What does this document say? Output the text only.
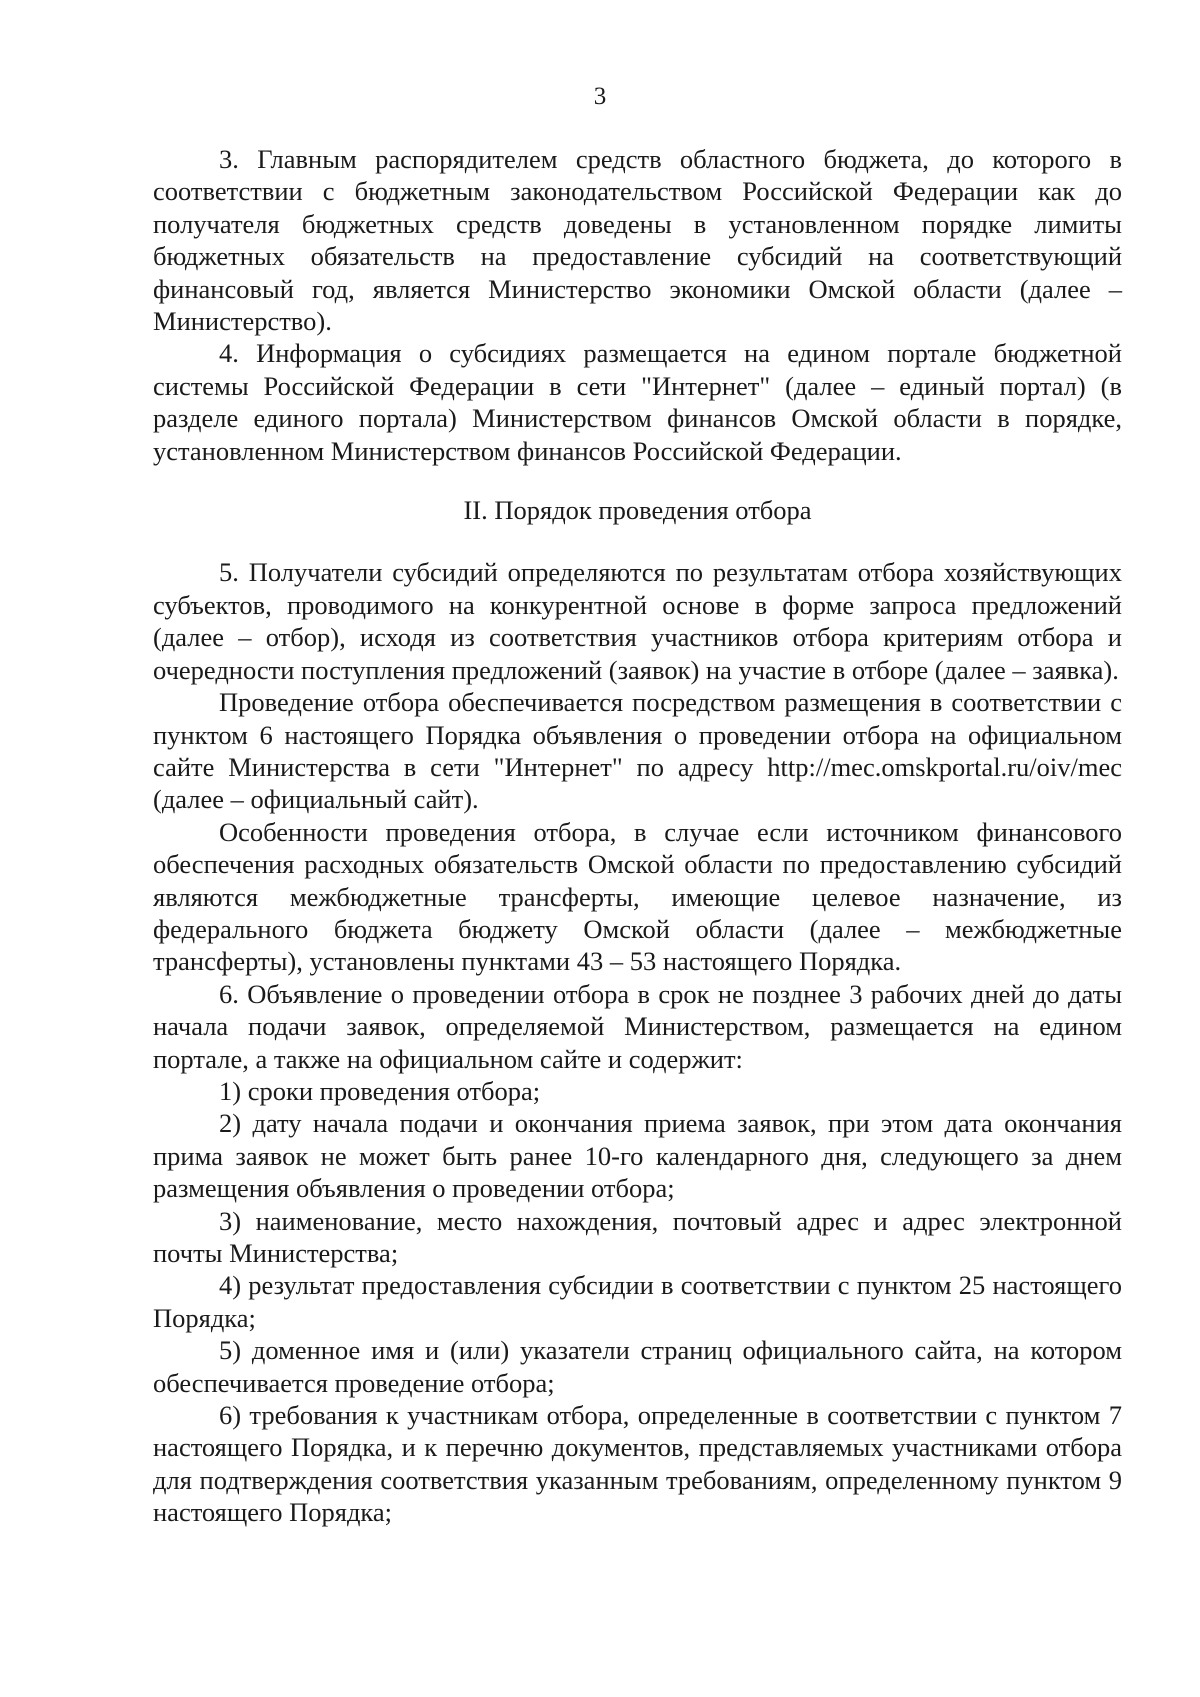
3

3. Главным распорядителем средств областного бюджета, до которого в соответствии с бюджетным законодательством Российской Федерации как до получателя бюджетных средств доведены в установленном порядке лимиты бюджетных обязательств на предоставление субсидий на соответствующий финансовый год, является Министерство экономики Омской области (далее – Министерство).

4. Информация о субсидиях размещается на едином портале бюджетной системы Российской Федерации в сети "Интернет" (далее – единый портал) (в разделе единого портала) Министерством финансов Омской области в порядке, установленном Министерством финансов Российской Федерации.

II. Порядок проведения отбора

5. Получатели субсидий определяются по результатам отбора хозяйствующих субъектов, проводимого на конкурентной основе в форме запроса предложений (далее – отбор), исходя из соответствия участников отбора критериям отбора и очередности поступления предложений (заявок) на участие в отборе (далее – заявка).

Проведение отбора обеспечивается посредством размещения в соответствии с пунктом 6 настоящего Порядка объявления о проведении отбора на официальном сайте Министерства в сети "Интернет" по адресу http://mec.omskportal.ru/oiv/mec (далее – официальный сайт).

Особенности проведения отбора, в случае если источником финансового обеспечения расходных обязательств Омской области по предоставлению субсидий являются межбюджетные трансферты, имеющие целевое назначение, из федерального бюджета бюджету Омской области (далее – межбюджетные трансферты), установлены пунктами 43 – 53 настоящего Порядка.

6. Объявление о проведении отбора в срок не позднее 3 рабочих дней до даты начала подачи заявок, определяемой Министерством, размещается на едином портале, а также на официальном сайте и содержит:

1) сроки проведения отбора;

2) дату начала подачи и окончания приема заявок, при этом дата окончания прима заявок не может быть ранее 10-го календарного дня, следующего за днем размещения объявления о проведении отбора;

3) наименование, место нахождения, почтовый адрес и адрес электронной почты Министерства;

4) результат предоставления субсидии в соответствии с пунктом 25 настоящего Порядка;

5) доменное имя и (или) указатели страниц официального сайта, на котором обеспечивается проведение отбора;

6) требования к участникам отбора, определенные в соответствии с пунктом 7 настоящего Порядка, и к перечню документов, представляемых участниками отбора для подтверждения соответствия указанным требованиям, определенному пунктом 9 настоящего Порядка;
